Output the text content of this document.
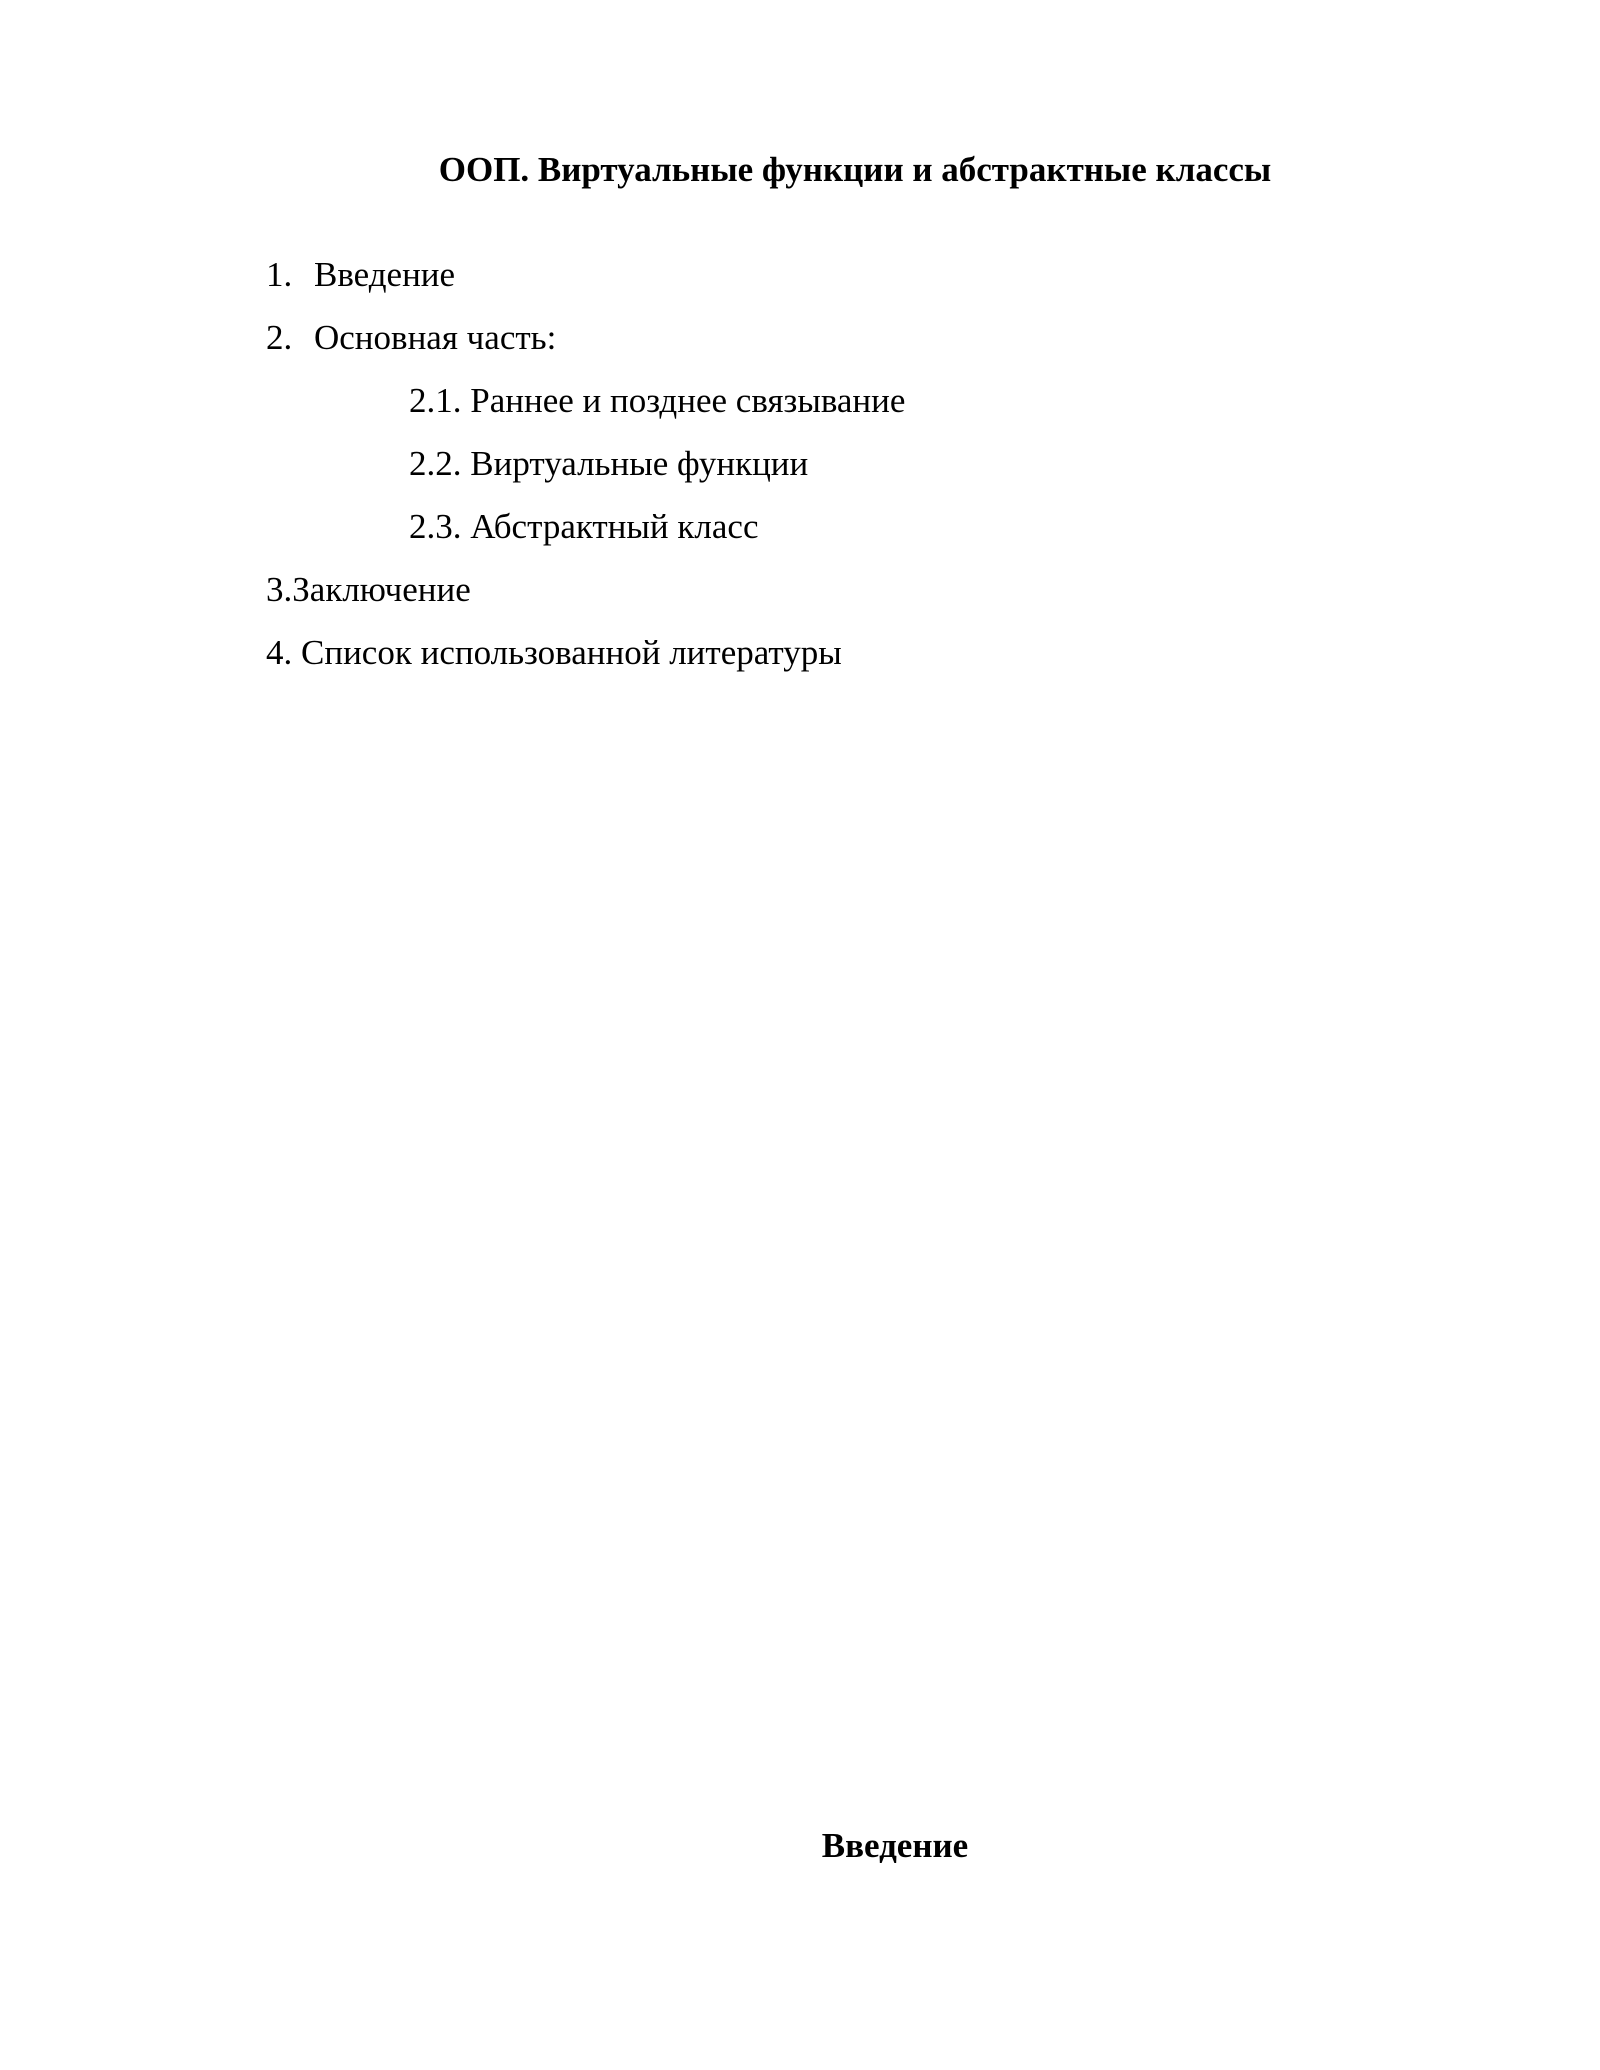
ООП. Виртуальные функции и абстрактные классы
1. Введение
2. Основная часть:
2.1. Раннее и позднее связывание
2.2. Виртуальные функции
2.3. Абстрактный класс
3.Заключение
4. Список использованной литературы
Введение
